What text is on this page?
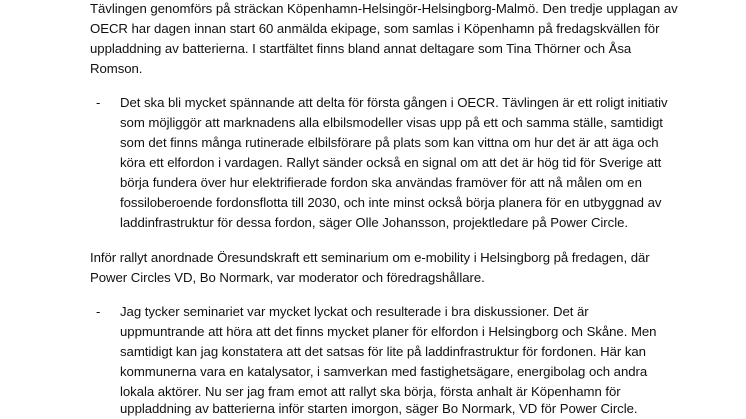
Tävlingen genomförs på sträckan Köpenhamn-Helsingör-Helsingborg-Malmö. Den tredje upplagan av
OECR har dagen innan start 60 anmälda ekipage, som samlas i Köpenhamn på fredagskvällen för
uppladdning av batterierna. I startfältet finns bland annat deltagare som Tina Thörner och Åsa
Romson.
- Det ska bli mycket spännande att delta för första gången i OECR. Tävlingen är ett roligt initiativ
som möjliggör att marknadens alla elbilsmodeller visas upp på ett och samma ställe, samtidigt
som det finns många rutinerade elbilsförare på plats som kan vittna om hur det är att äga och
köra ett elfordon i vardagen. Rallyt sänder också en signal om att det är hög tid för Sverige att
börja fundera över hur elektrifierade fordon ska användas framöver för att nå målen om en
fossiloberoende fordonsflotta till 2030, och inte minst också börja planera för en utbyggnad av
laddinfrastruktur för dessa fordon, säger Olle Johansson, projektledare på Power Circle.
Inför rallyt anordnade Öresundskraft ett seminarium om e-mobility i Helsingborg på fredagen, där
Power Circles VD, Bo Normark, var moderator och föredragshållare.
- Jag tycker seminariet var mycket lyckat och resulterade i bra diskussioner. Det är
uppmuntrande att höra att det finns mycket planer för elfordon i Helsingborg och Skåne. Men
samtidigt kan jag konstatera att det satsas för lite på laddinfrastruktur för fordonen. Här kan
kommunerna vara en katalysator, i samverkan med fastighetsägare, energibolag och andra
lokala aktörer. Nu ser jag fram emot att rallyt ska börja, första anhalt är Köpenhamn för
uppladdning av batterierna inför starten imorgon, säger Bo Normark, VD för Power Circle.
